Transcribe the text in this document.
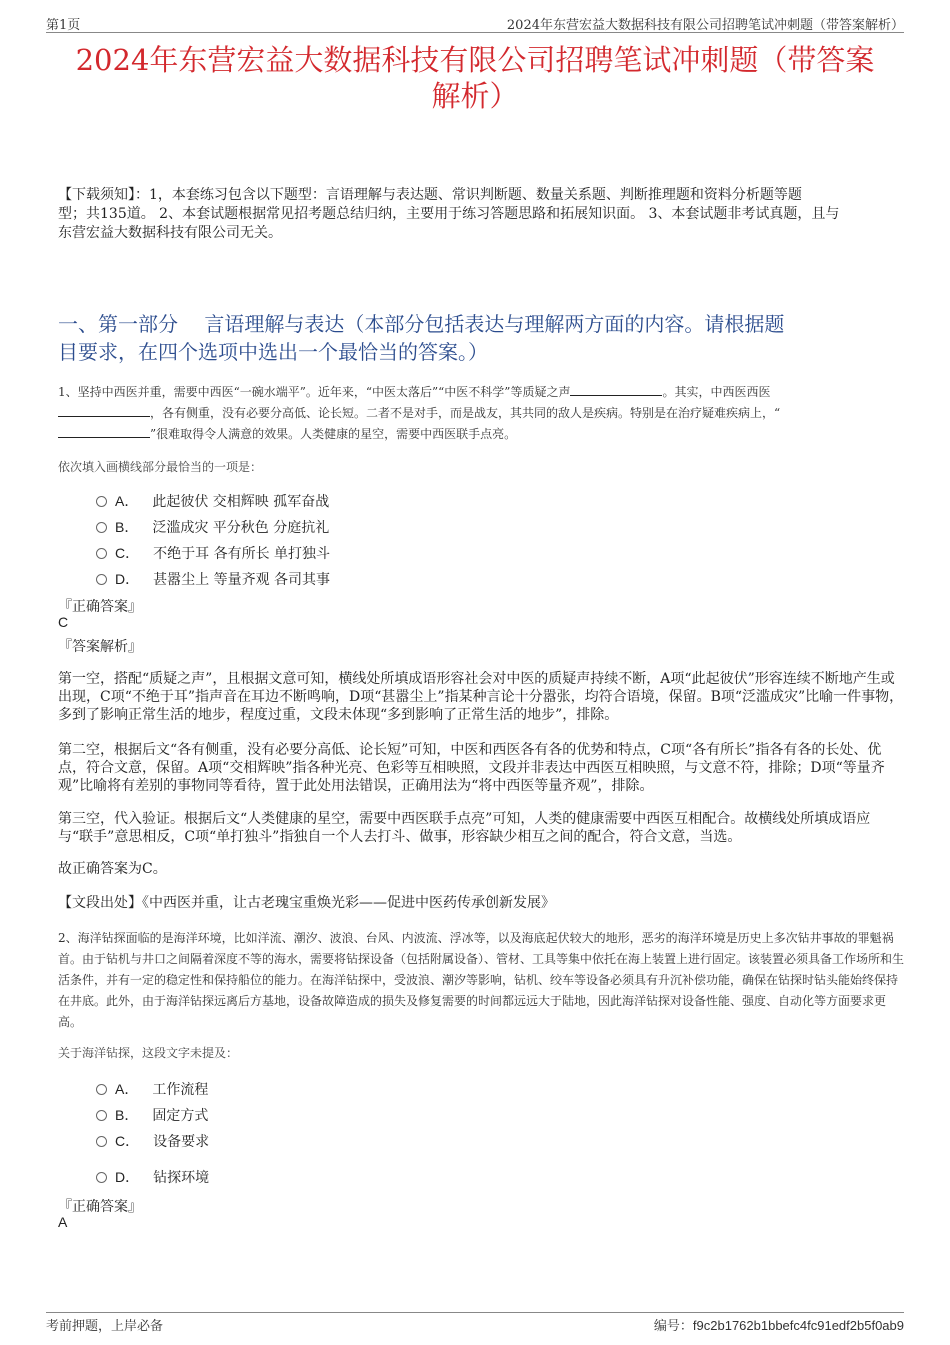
第1页	2024年东营宏益大数据科技有限公司招聘笔试冲刺题（带答案解析）
2024年东营宏益大数据科技有限公司招聘笔试冲刺题（带答案
解析）
【下载须知】：1，本套练习包含以下题型：言语理解与表达题、常识判断题、数量关系题、判断推理题和资料分析题等题
型；共135道。 2、本套试题根据常见招考题总结归纳，主要用于练习答题思路和拓展知识面。 3、本套试题非考试真题，且与
东营宏益大数据科技有限公司无关。
一、第一部分　 言语理解与表达（本部分包括表达与理解两方面的内容。请根据题
目要求，在四个选项中选出一个最恰当的答案。）
1、坚持中西医并重，需要中西医“一碗水端平”。近年来，“中医太落后”“中医不科学”等质疑之声	。其实，中西医西医
，各有侧重，没有必要分高低、论长短。二者不是对手，而是战友，其共同的敌人是疾病。特别是在治疗疑难疾病上，“
”很难取得令人满意的效果。人类健康的星空，需要中西医联手点亮。
依次填入画横线部分最恰当的一项是：
A． 此起彼伏 交相辉映 孤军奋战
B． 泛滥成灾 平分秋色 分庭抗礼
C． 不绝于耳 各有所长 单打独斗
D． 甚嚣尘上 等量齐观 各司其事
『正确答案』
C
『答案解析』
第一空，搭配“质疑之声”，且根据文意可知，横线处所填成语形容社会对中医的质疑声持续不断，A项“此起彼伏”形容连续不断地产生或出现，C项“不绝于耳”指声音在耳边不断鸣响，D项“甚嚣尘上”指某种言论十分嚣张，均符合语境，保留。B项“泛滥成灾”比喻一件事物，多到了影响正常生活的地步，程度过重，文段未体现“多到影响了正常生活的地步”，排除。
第二空，根据后文“各有侧重，没有必要分高低、论长短”可知，中医和西医各有各的优势和特点，C项“各有所长”指各有各的长处、优点，符合文意，保留。A项“交相辉映”指各种光亮、色彩等互相映照，文段并非表达中西医互相映照，与文意不符，排除；D项“等量齐观”比喻将有差别的事物同等看待，置于此处用法错误，正确用法为“将中西医等量齐观”，排除。
第三空，代入验证。根据后文“人类健康的星空，需要中西医联手点亮”可知，人类的健康需要中西医互相配合。故横线处所填成语应与“联手”意思相反，C项“单打独斗”指独自一个人去打斗、做事，形容缺少相互之间的配合，符合文意，当选。
故正确答案为C。
【文段出处】《中西医并重，让古老瑰宝重焕光彩——促进中医药传承创新发展》
2、海洋钻探面临的是海洋环境，比如洋流、潮汐、波浪、台风、内波流、浮冰等，以及海底起伏较大的地形，恶劣的海洋环境是历史上多次钻井事故的罪魁祸首。由于钻机与井口之间隔着深度不等的海水，需要将钻探设备（包括附属设备）、管材、工具等集中依托在海上装置上进行固定。该装置必须具备工作场所和生活条件，并有一定的稳定性和保持船位的能力。在海洋钻探中，受波浪、潮汐等影响，钻机、绞车等设备必须具有升沉补偿功能，确保在钻探时钻头能始终保持在井底。此外，由于海洋钻探远离后方基地，设备故障造成的损失及修复需要的时间都远远大于陆地，因此海洋钻探对设备性能、强度、自动化等方面要求更高。
关于海洋钻探，这段文字未提及：
A． 工作流程
B． 固定方式
C． 设备要求
D． 钻探环境
『正确答案』
A
考前押题，上岸必备	编号：f9c2b1762b1bbefc4fc91edf2b5f0ab9
